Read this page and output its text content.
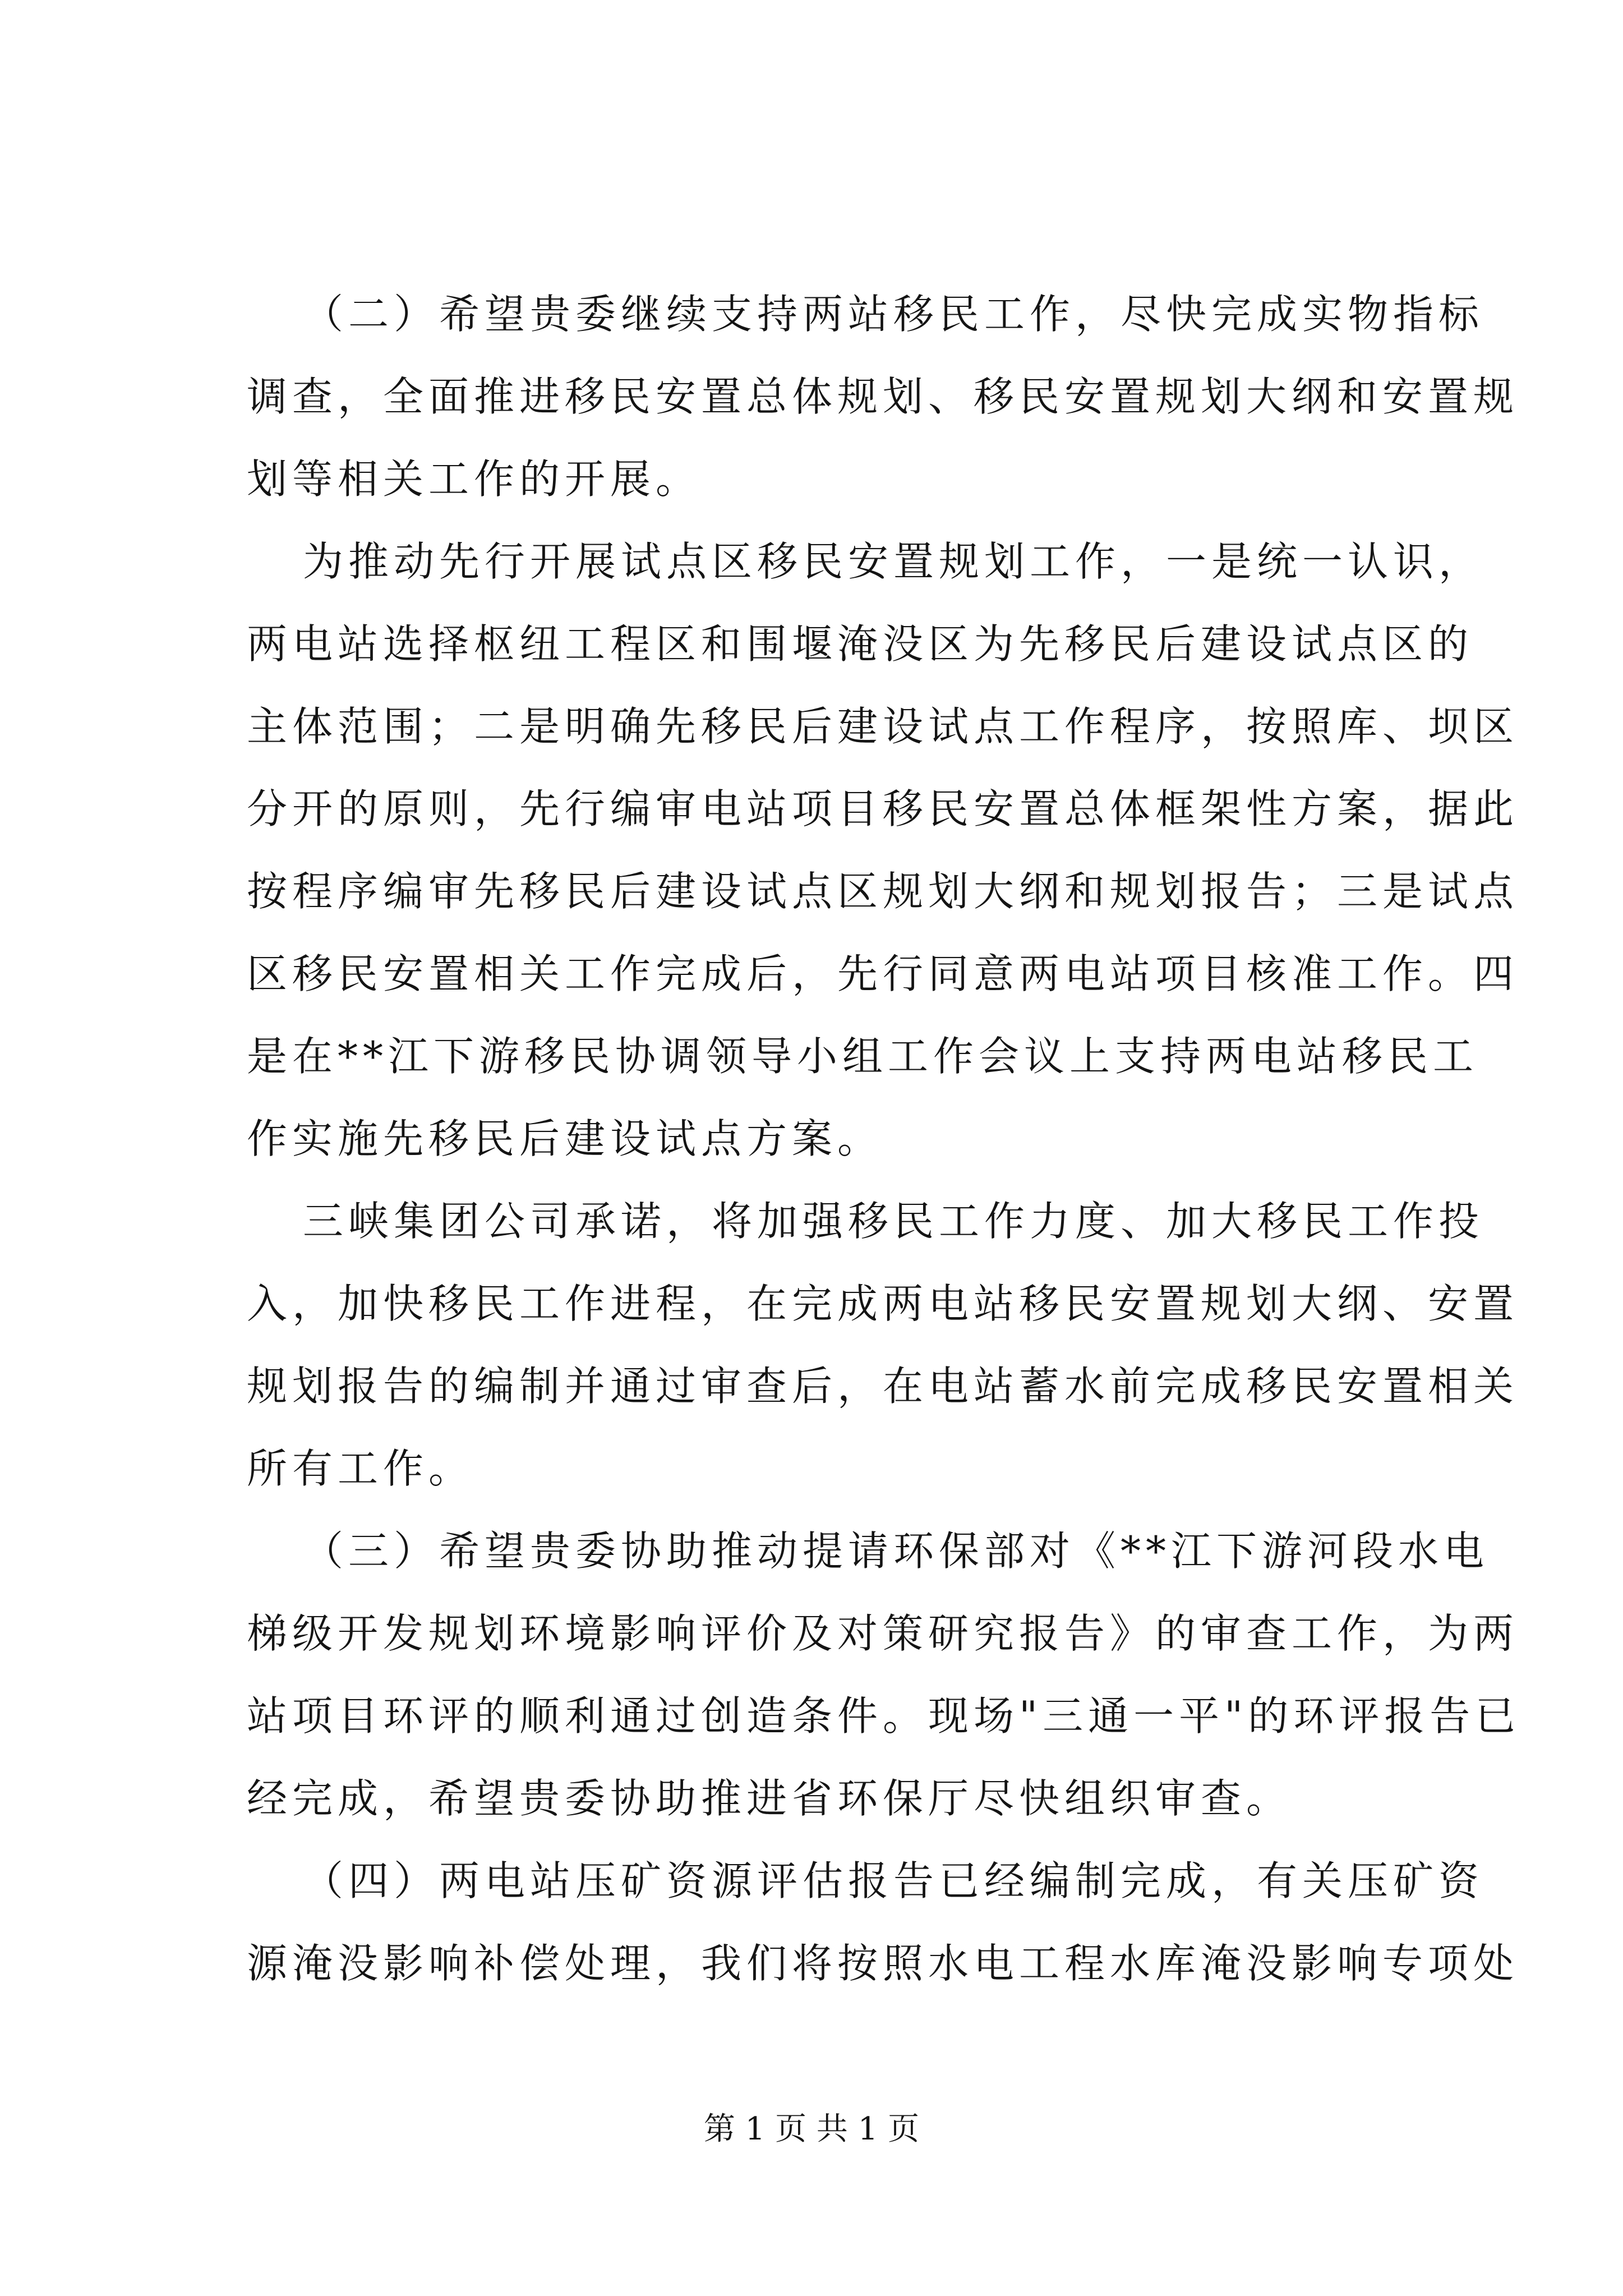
（二）希望贵委继续支持两站移民工作，尽快完成实物指标
调查，全面推进移民安置总体规划、移民安置规划大纲和安置规
划等相关工作的开展。
为推动先行开展试点区移民安置规划工作，一是统一认识，
两电站选择枢纽工程区和围堰淹没区为先移民后建设试点区的
主体范围；二是明确先移民后建设试点工作程序，按照库、坝区
分开的原则，先行编审电站项目移民安置总体框架性方案，据此
按程序编审先移民后建设试点区规划大纲和规划报告；三是试点
区移民安置相关工作完成后，先行同意两电站项目核准工作。四
是在**江下游移民协调领导小组工作会议上支持两电站移民工
作实施先移民后建设试点方案。
三峡集团公司承诺，将加强移民工作力度、加大移民工作投
入，加快移民工作进程，在完成两电站移民安置规划大纲、安置
规划报告的编制并通过审查后，在电站蓄水前完成移民安置相关
所有工作。
（三）希望贵委协助推动提请环保部对《**江下游河段水电
梯级开发规划环境影响评价及对策研究报告》的审查工作，为两
站项目环评的顺利通过创造条件。现场"三通一平"的环评报告已
经完成，希望贵委协助推进省环保厅尽快组织审查。
（四）两电站压矿资源评估报告已经编制完成，有关压矿资
源淹没影响补偿处理，我们将按照水电工程水库淹没影响专项处
第 1 页 共 1 页
